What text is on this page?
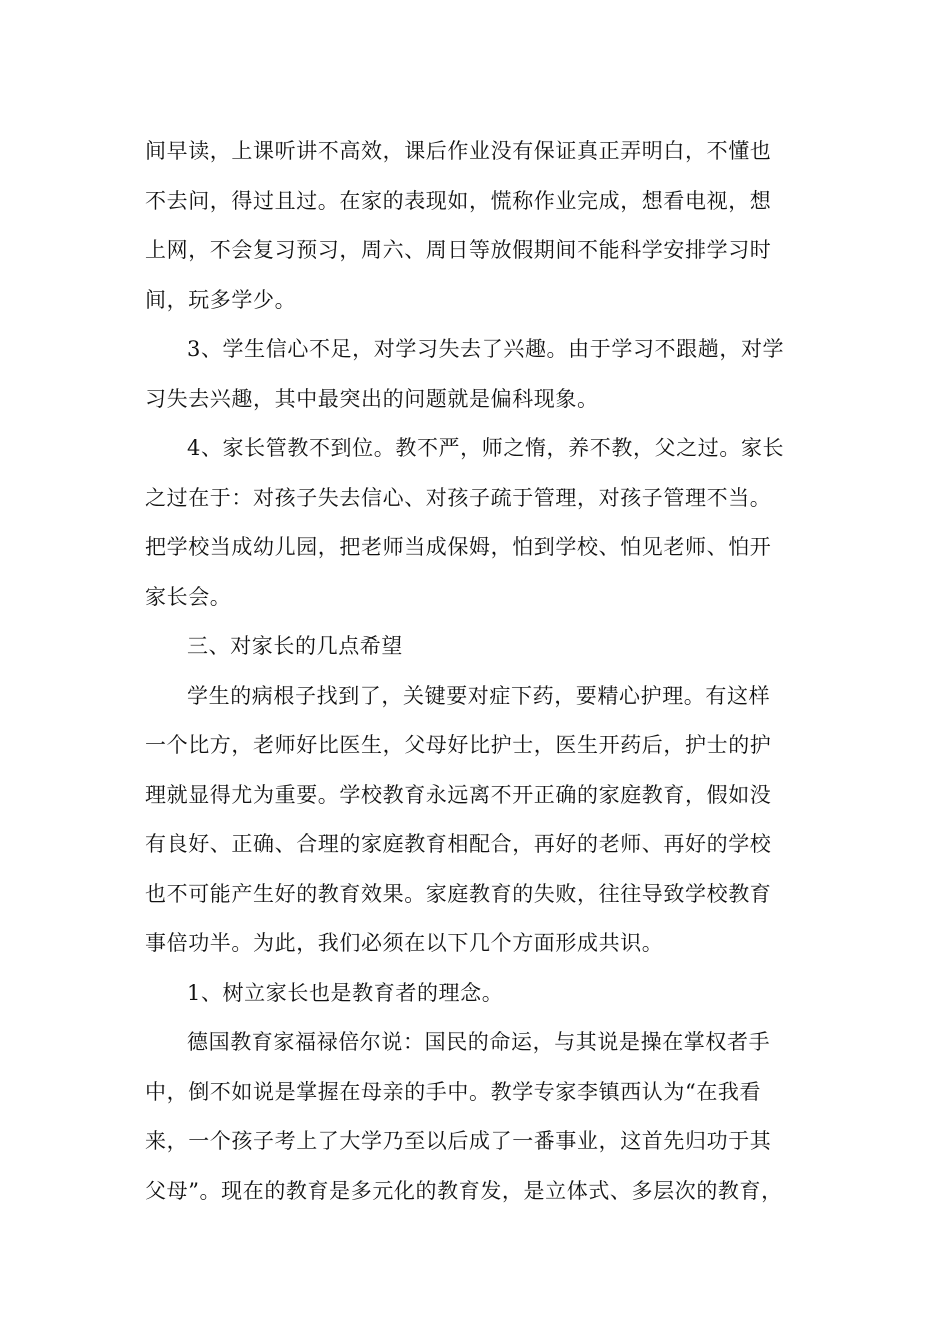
间早读，上课听讲不高效，课后作业没有保证真正弄明白，不懂也
不去问，得过且过。在家的表现如，慌称作业完成，想看电视，想
上网，不会复习预习，周六、周日等放假期间不能科学安排学习时
间，玩多学少。
3、学生信心不足，对学习失去了兴趣。由于学习不跟趟，对学
习失去兴趣，其中最突出的问题就是偏科现象。
4、家长管教不到位。教不严，师之惰，养不教，父之过。家长
之过在于：对孩子失去信心、对孩子疏于管理，对孩子管理不当。
把学校当成幼儿园，把老师当成保姆，怕到学校、怕见老师、怕开
家长会。
三、对家长的几点希望
学生的病根子找到了，关键要对症下药，要精心护理。有这样
一个比方，老师好比医生，父母好比护士，医生开药后，护士的护
理就显得尤为重要。学校教育永远离不开正确的家庭教育，假如没
有良好、正确、合理的家庭教育相配合，再好的老师、再好的学校
也不可能产生好的教育效果。家庭教育的失败，往往导致学校教育
事倍功半。为此，我们必须在以下几个方面形成共识。
1、树立家长也是教育者的理念。
德国教育家福禄倍尔说：国民的命运，与其说是操在掌权者手
中，倒不如说是掌握在母亲的手中。教学专家李镇西认为“在我看
来，一个孩子考上了大学乃至以后成了一番事业，这首先归功于其
父母”。现在的教育是多元化的教育发，是立体式、多层次的教育，
